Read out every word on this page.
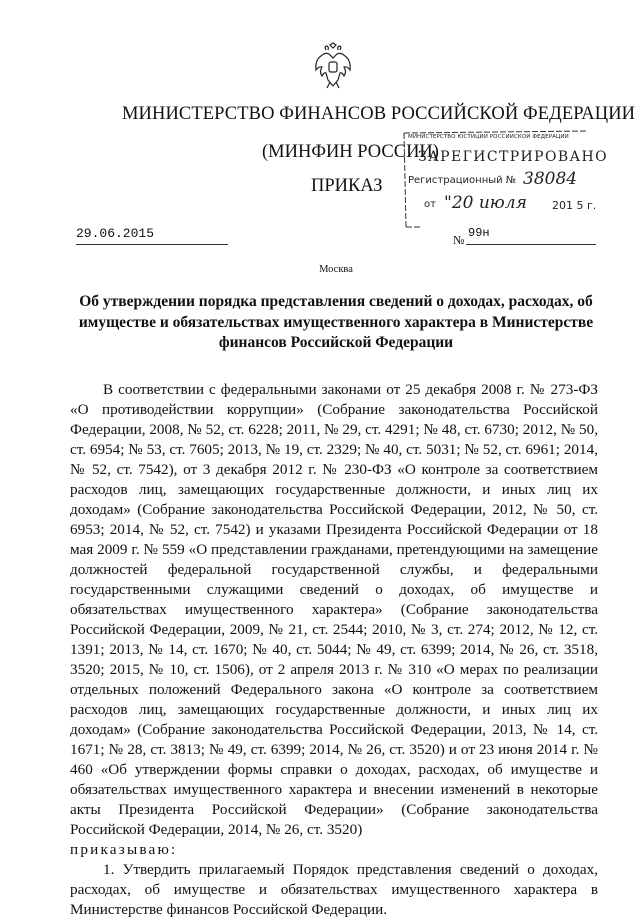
МИНИСТЕРСТВО ФИНАНСОВ РОССИЙСКОЙ ФЕДЕРАЦИИ
(МИНФИН РОССИИ)
ПРИКАЗ
МИНИСТЕРСТВО ЮСТИЦИИ РОССИЙСКОЙ ФЕДЕРАЦИИ
ЗАРЕГИСТРИРОВАНО
Регистрационный № 38084
от "20 июля 201 5 г.
29.06.2015	№ 99н
Москва
Об утверждении порядка представления сведений о доходах, расходах, об имуществе и обязательствах имущественного характера в Министерстве финансов Российской Федерации

В соответствии с федеральными законами от 25 декабря 2008 г. № 273-ФЗ «О противодействии коррупции» (Собрание законодательства Российской Федерации, 2008, № 52, ст. 6228; 2011, № 29, ст. 4291; № 48, ст. 6730; 2012, № 50, ст. 6954; № 53, ст. 7605; 2013, № 19, ст. 2329; № 40, ст. 5031; № 52, ст. 6961; 2014, № 52, ст. 7542), от 3 декабря 2012 г. № 230-ФЗ «О контроле за соответствием расходов лиц, замещающих государственные должности, и иных лиц их доходам» (Собрание законодательства Российской Федерации, 2012, № 50, ст. 6953; 2014, № 52, ст. 7542) и указами Президента Российской Федерации от 18 мая 2009 г. № 559 «О представлении гражданами, претендующими на замещение должностей федеральной государственной службы, и федеральными государственными служащими сведений о доходах, об имуществе и обязательствах имущественного характера» (Собрание законодательства Российской Федерации, 2009, № 21, ст. 2544; 2010, № 3, ст. 274; 2012, № 12, ст. 1391; 2013, № 14, ст. 1670; № 40, ст. 5044; № 49, ст. 6399; 2014, № 26, ст. 3518, 3520; 2015, № 10, ст. 1506), от 2 апреля 2013 г. № 310 «О мерах по реализации отдельных положений Федерального закона «О контроле за соответствием расходов лиц, замещающих государственные должности, и иных лиц их доходам» (Собрание законодательства Российской Федерации, 2013, № 14, ст. 1671; № 28, ст. 3813; № 49, ст. 6399; 2014, № 26, ст. 3520) и от 23 июня 2014 г. № 460 «Об утверждении формы справки о доходах, расходах, об имуществе и обязательствах имущественного характера и внесении изменений в некоторые акты Президента Российской Федерации» (Собрание законодательства Российской Федерации, 2014, № 26, ст. 3520)

приказываю:

1. Утвердить прилагаемый Порядок представления сведений о доходах, расходах, об имуществе и обязательствах имущественного характера в Министерстве финансов Российской Федерации.
